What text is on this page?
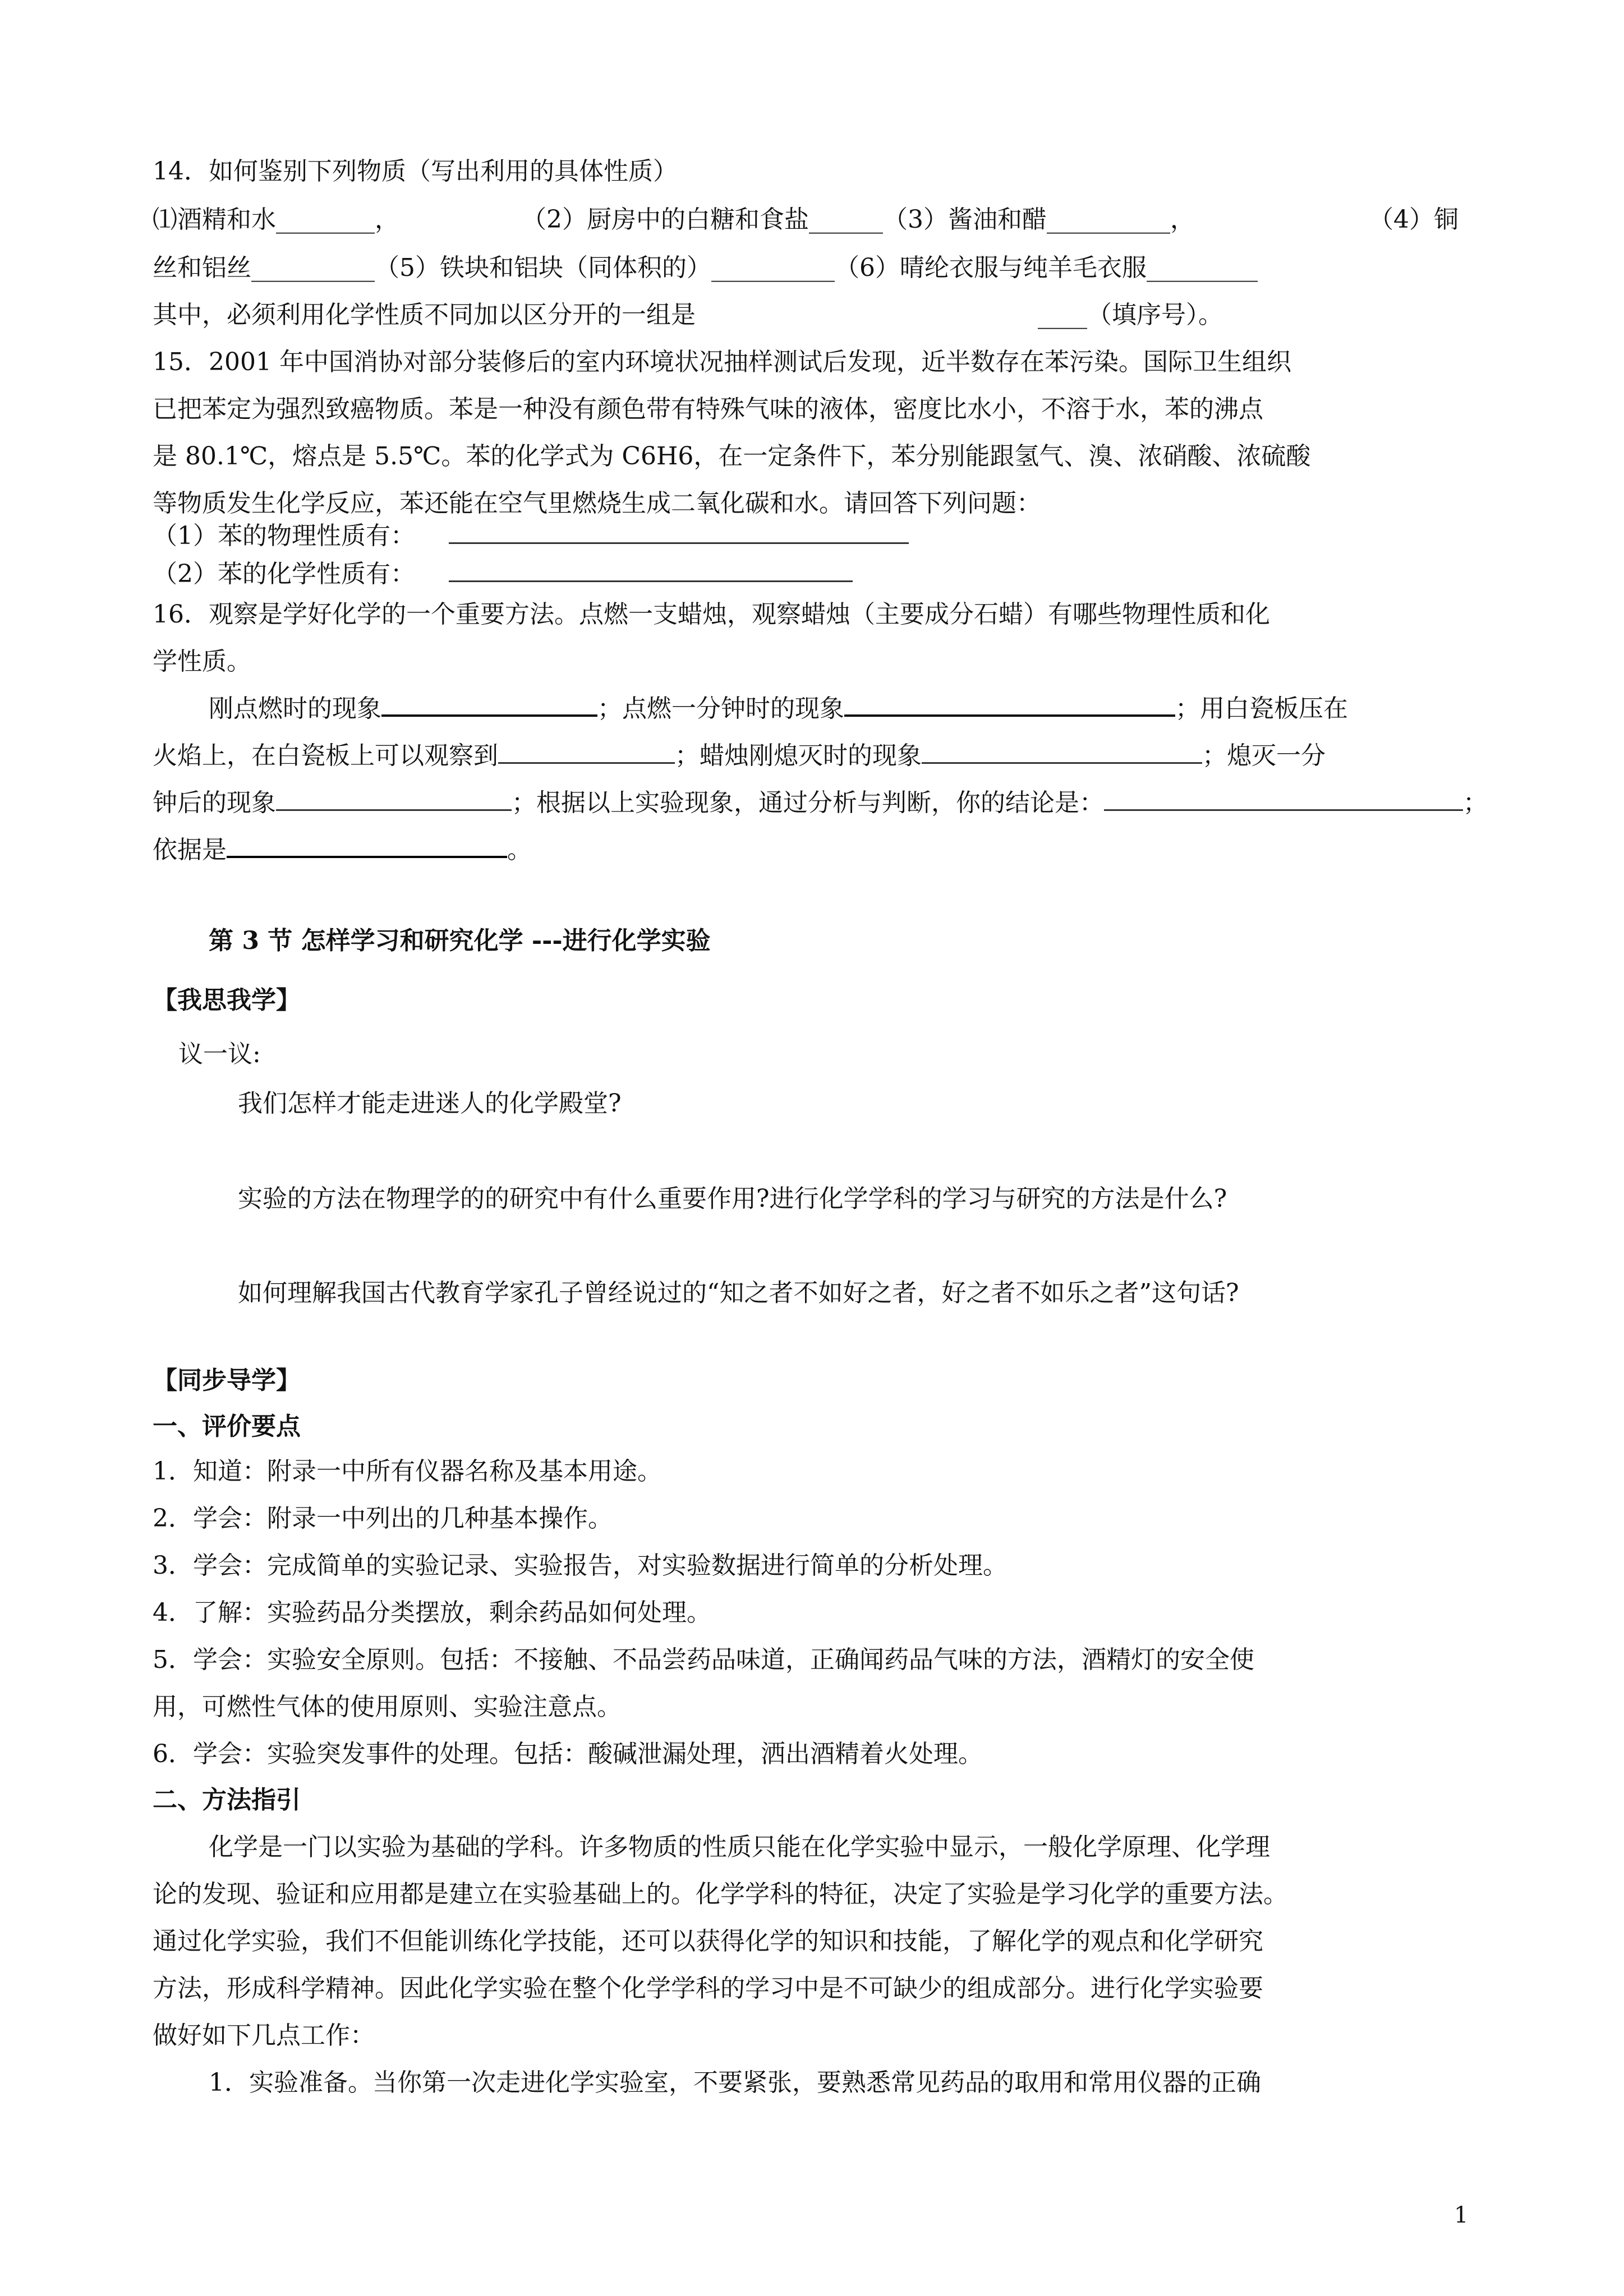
14．如何鉴别下列物质（写出利用的具体性质）
⑴酒精和水________，	（2）厨房中的白糖和食盐______（3）酱油和醋__________，	（4）铜
丝和铝丝__________（5）铁块和铝块（同体积的）__________（6）晴纶衣服与纯羊毛衣服_________
其中，必须利用化学性质不同加以区分开的一组是	____（填序号）。
15．2001 年中国消协对部分装修后的室内环境状况抽样测试后发现，近半数存在苯污染。国际卫生组织
已把苯定为强烈致癌物质。苯是一种没有颜色带有特殊气味的液体，密度比水小，不溶于水，苯的沸点
是 80.1℃，熔点是 5.5℃。苯的化学式为 C6H6，在一定条件下，苯分别能跟氢气、溴、浓硝酸、浓硫酸
等物质发生化学反应，苯还能在空气里燃烧生成二氧化碳和水。请回答下列问题：
（1）苯的物理性质有：
（2）苯的化学性质有：
16．观察是学好化学的一个重要方法。点燃一支蜡烛，观察蜡烛（主要成分石蜡）有哪些物理性质和化
学性质。
刚点燃时的现象	；点燃一分钟时的现象	；用白瓷板压在
火焰上，在白瓷板上可以观察到	；蜡烛刚熄灭时的现象	；熄灭一分
钟后的现象	；根据以上实验现象，通过分析与判断，你的结论是：	；
依据是	。
第 3 节 怎样学习和研究化学 ---进行化学实验
【我思我学】
议一议:
我们怎样才能走进迷人的化学殿堂?
实验的方法在物理学的的研究中有什么重要作用?进行化学学科的学习与研究的方法是什么?
如何理解我国古代教育学家孔子曾经说过的“知之者不如好之者，好之者不如乐之者”这句话?
【同步导学】
一、评价要点
1．知道：附录一中所有仪器名称及基本用途。
2．学会：附录一中列出的几种基本操作。
3．学会：完成简单的实验记录、实验报告，对实验数据进行简单的分析处理。
4．了解：实验药品分类摆放，剩余药品如何处理。
5．学会：实验安全原则。包括：不接触、不品尝药品味道，正确闻药品气味的方法，酒精灯的安全使
用，可燃性气体的使用原则、实验注意点。
6．学会：实验突发事件的处理。包括：酸碱泄漏处理，洒出酒精着火处理。
二、方法指引
化学是一门以实验为基础的学科。许多物质的性质只能在化学实验中显示，一般化学原理、化学理
论的发现、验证和应用都是建立在实验基础上的。化学学科的特征，决定了实验是学习化学的重要方法。
通过化学实验，我们不但能训练化学技能，还可以获得化学的知识和技能，了解化学的观点和化学研究
方法，形成科学精神。因此化学实验在整个化学学科的学习中是不可缺少的组成部分。进行化学实验要
做好如下几点工作：
1．实验准备。当你第一次走进化学实验室，不要紧张，要熟悉常见药品的取用和常用仪器的正确
1
